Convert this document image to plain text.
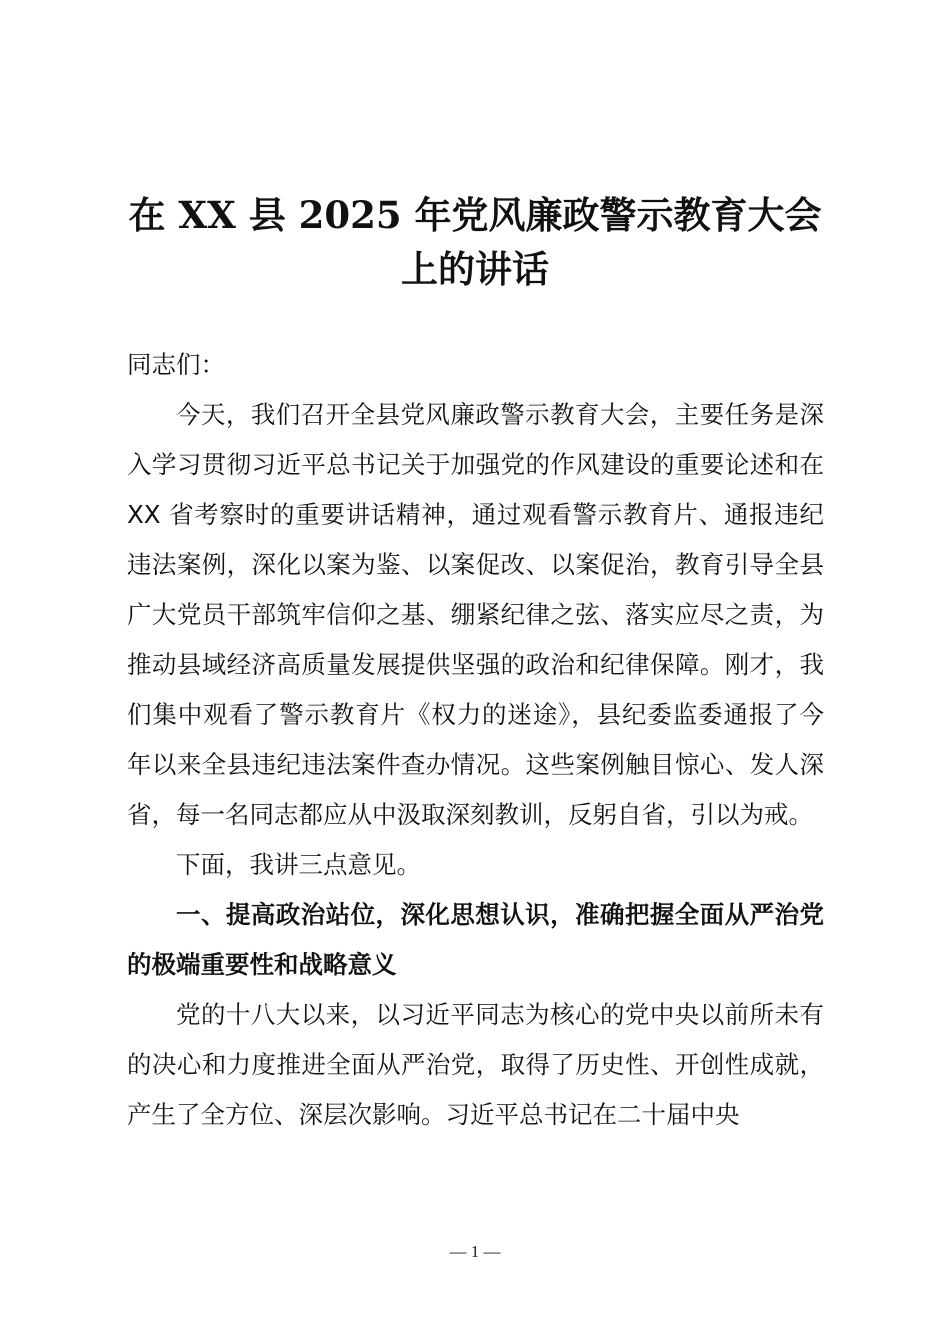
在 XX 县 2025 年党风廉政警示教育大会
上的讲话

同志们：

今天，我们召开全县党风廉政警示教育大会，主要任务是深入学习贯彻习近平总书记关于加强党的作风建设的重要论述和在 XX 省考察时的重要讲话精神，通过观看警示教育片、通报违纪违法案例，深化以案为鉴、以案促改、以案促治，教育引导全县广大党员干部筑牢信仰之基、绷紧纪律之弦、落实应尽之责，为推动县域经济高质量发展提供坚强的政治和纪律保障。刚才，我们集中观看了警示教育片《权力的迷途》，县纪委监委通报了今年以来全县违纪违法案件查办情况。这些案例触目惊心、发人深省，每一名同志都应从中汲取深刻教训，反躬自省，引以为戒。

下面，我讲三点意见。

一、提高政治站位，深化思想认识，准确把握全面从严治党的极端重要性和战略意义

党的十八大以来，以习近平同志为核心的党中央以前所未有的决心和力度推进全面从严治党，取得了历史性、开创性成就，产生了全方位、深层次影响。习近平总书记在二十届中央

— 1 —
